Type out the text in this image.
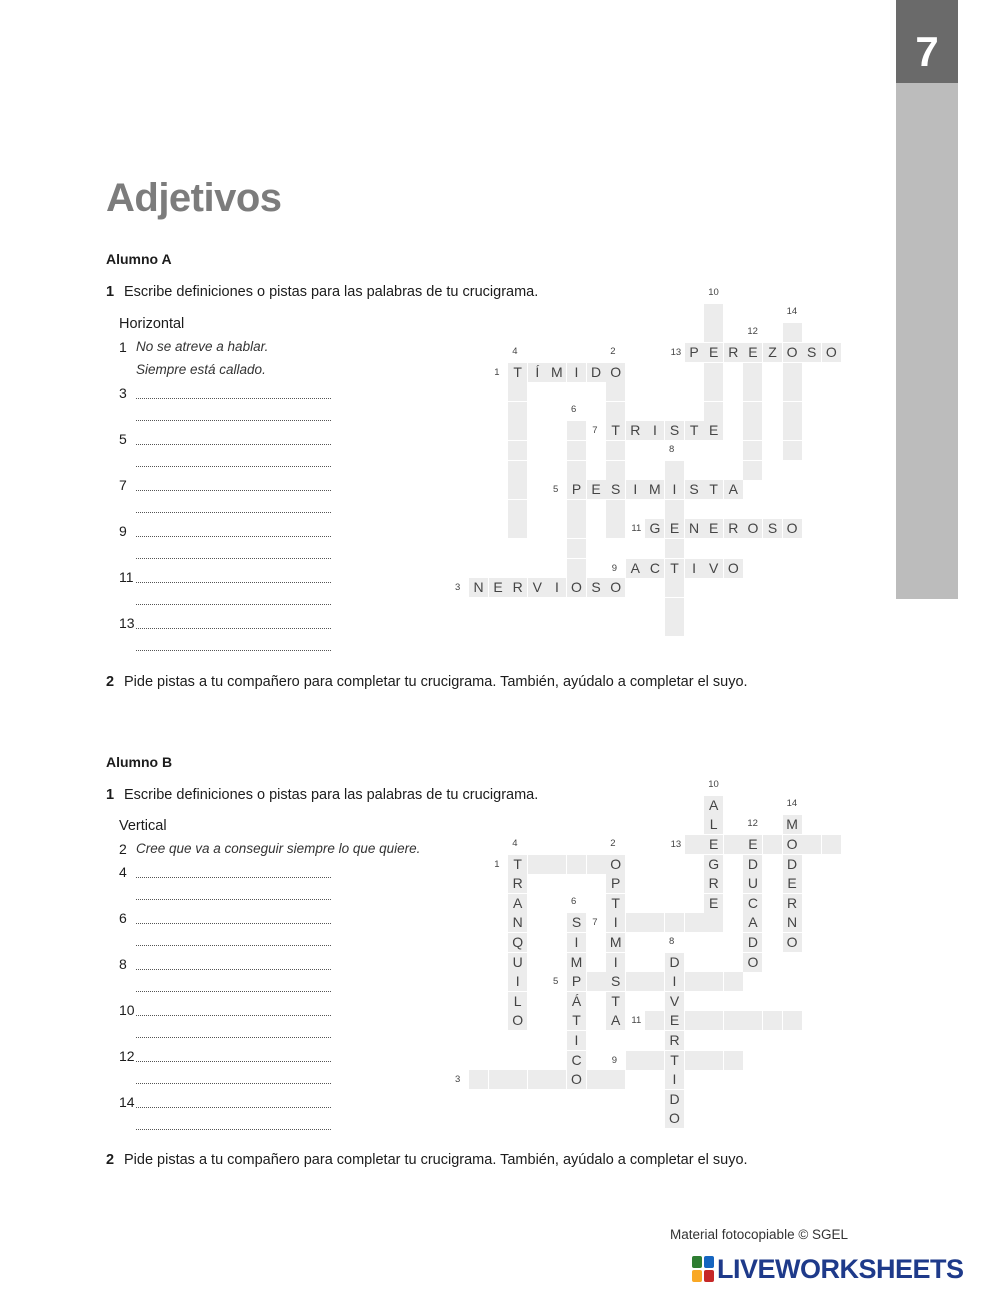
7
Adjetivos
Alumno A
1 Escribe definiciones o pistas para las palabras de tu crucigrama.
Horizontal
1 No se atreve a hablar.
Siempre está callado.
3
5
7
9
11
13
2 Pide pistas a tu compañero para completar tu crucigrama. También, ayúdalo a completar el suyo.
Alumno B
1 Escribe definiciones o pistas para las palabras de tu crucigrama.
Vertical
2 Cree que va a conseguir siempre lo que quiere.
4
6
8
10
12
14
2 Pide pistas a tu compañero para completar tu crucigrama. También, ayúdalo a completar el suyo.
T Í M I D O
T
S
N E R V I O S O
P E	I M I S T A
R I S T E
E
T
A C	I V O
E
G	N E R O S O
E
P	R	Z O S O
1
2
3
4
5
6
7
8
9
10
11
12
13
14
T	O
P
T
I
M
I
S
T
A
O
R
A
N
Q
U
I
L
O
P	I
S
I
M
Á
T
I
C
D
V
E
R
T
I
D
O
A
L
E
G
R
E
E
D
U
C
A
D
O
O
M
D
E
R
N
O
1
2
3
4
5
6
7
8
9
10
11
12
13
14
Material fotocopiable © SGEL
LIVEWORKSHEETS
